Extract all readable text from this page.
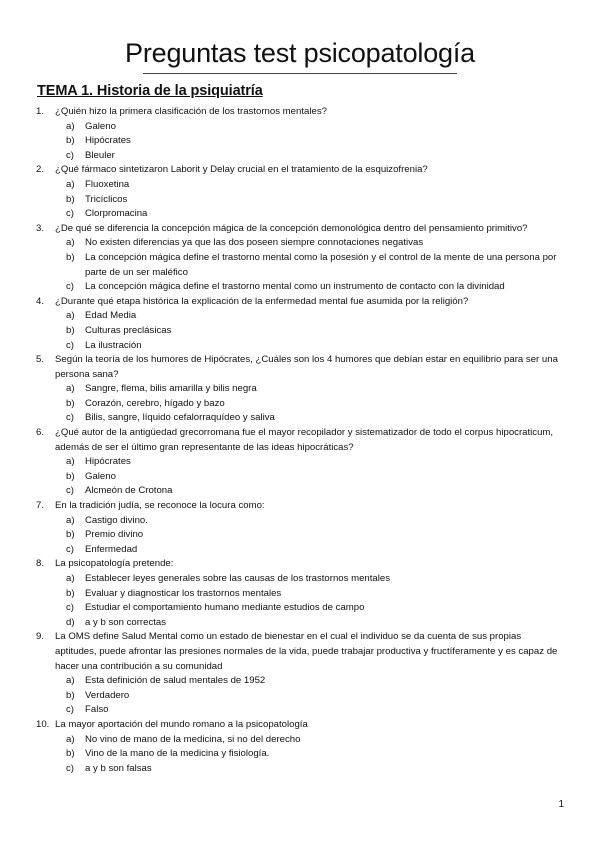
Preguntas test psicopatología
TEMA 1. Historia de la psiquiatría
1. ¿Quién hizo la primera clasificación de los trastornos mentales?
a) Galeno
b) Hipócrates
c) Bleuler
2. ¿Qué fármaco sintetizaron Laborit y Delay crucial en el tratamiento de la esquizofrenia?
a) Fluoxetina
b) Tricíclicos
c) Clorpromacina
3. ¿De qué se diferencia la concepción mágica de la concepción demonológica dentro del pensamiento primitivo?
a) No existen diferencias ya que las dos poseen siempre connotaciones negativas
b) La concepción mágica define el trastorno mental como la posesión y el control de la mente de una persona por parte de un ser maléfico
c) La concepción mágica define el trastorno mental como un instrumento de contacto con la divinidad
4. ¿Durante qué etapa histórica la explicación de la enfermedad mental fue asumida por la religión?
a) Edad Media
b) Culturas preclásicas
c) La ilustración
5. Según la teoría de los humores de Hipócrates, ¿Cuáles son los 4 humores que debían estar en equilibrio para ser una persona sana?
a) Sangre, flema, bilis amarilla y bilis negra
b) Corazón, cerebro, hígado y bazo
c) Bilis, sangre, líquido cefalorraquídeo y saliva
6. ¿Qué autor de la antigüedad grecorromana fue el mayor recopilador y sistematizador de todo el corpus hipocraticum, además de ser el último gran representante de las ideas hipocráticas?
a) Hipócrates
b) Galeno
c) Alcmeón de Crotona
7. En la tradición judía, se reconoce la locura como:
a) Castigo divino.
b) Premio divino
c) Enfermedad
8. La psicopatología pretende:
a) Establecer leyes generales sobre las causas de los trastornos mentales
b) Evaluar y diagnosticar los trastornos mentales
c) Estudiar el comportamiento humano mediante estudios de campo
d) a y b son correctas
9. La OMS define Salud Mental como un estado de bienestar en el cual el individuo se da cuenta de sus propias aptitudes, puede afrontar las presiones normales de la vida, puede trabajar productiva y fructíferamente y es capaz de hacer una contribución a su comunidad
a) Esta definición de salud mentales de 1952
b) Verdadero
c) Falso
10. La mayor aportación del mundo romano a la psicopatología
a) No vino de mano de la medicina, si no del derecho
b) Vino de la mano de la medicina y fisiología.
c) a y b son falsas
1
